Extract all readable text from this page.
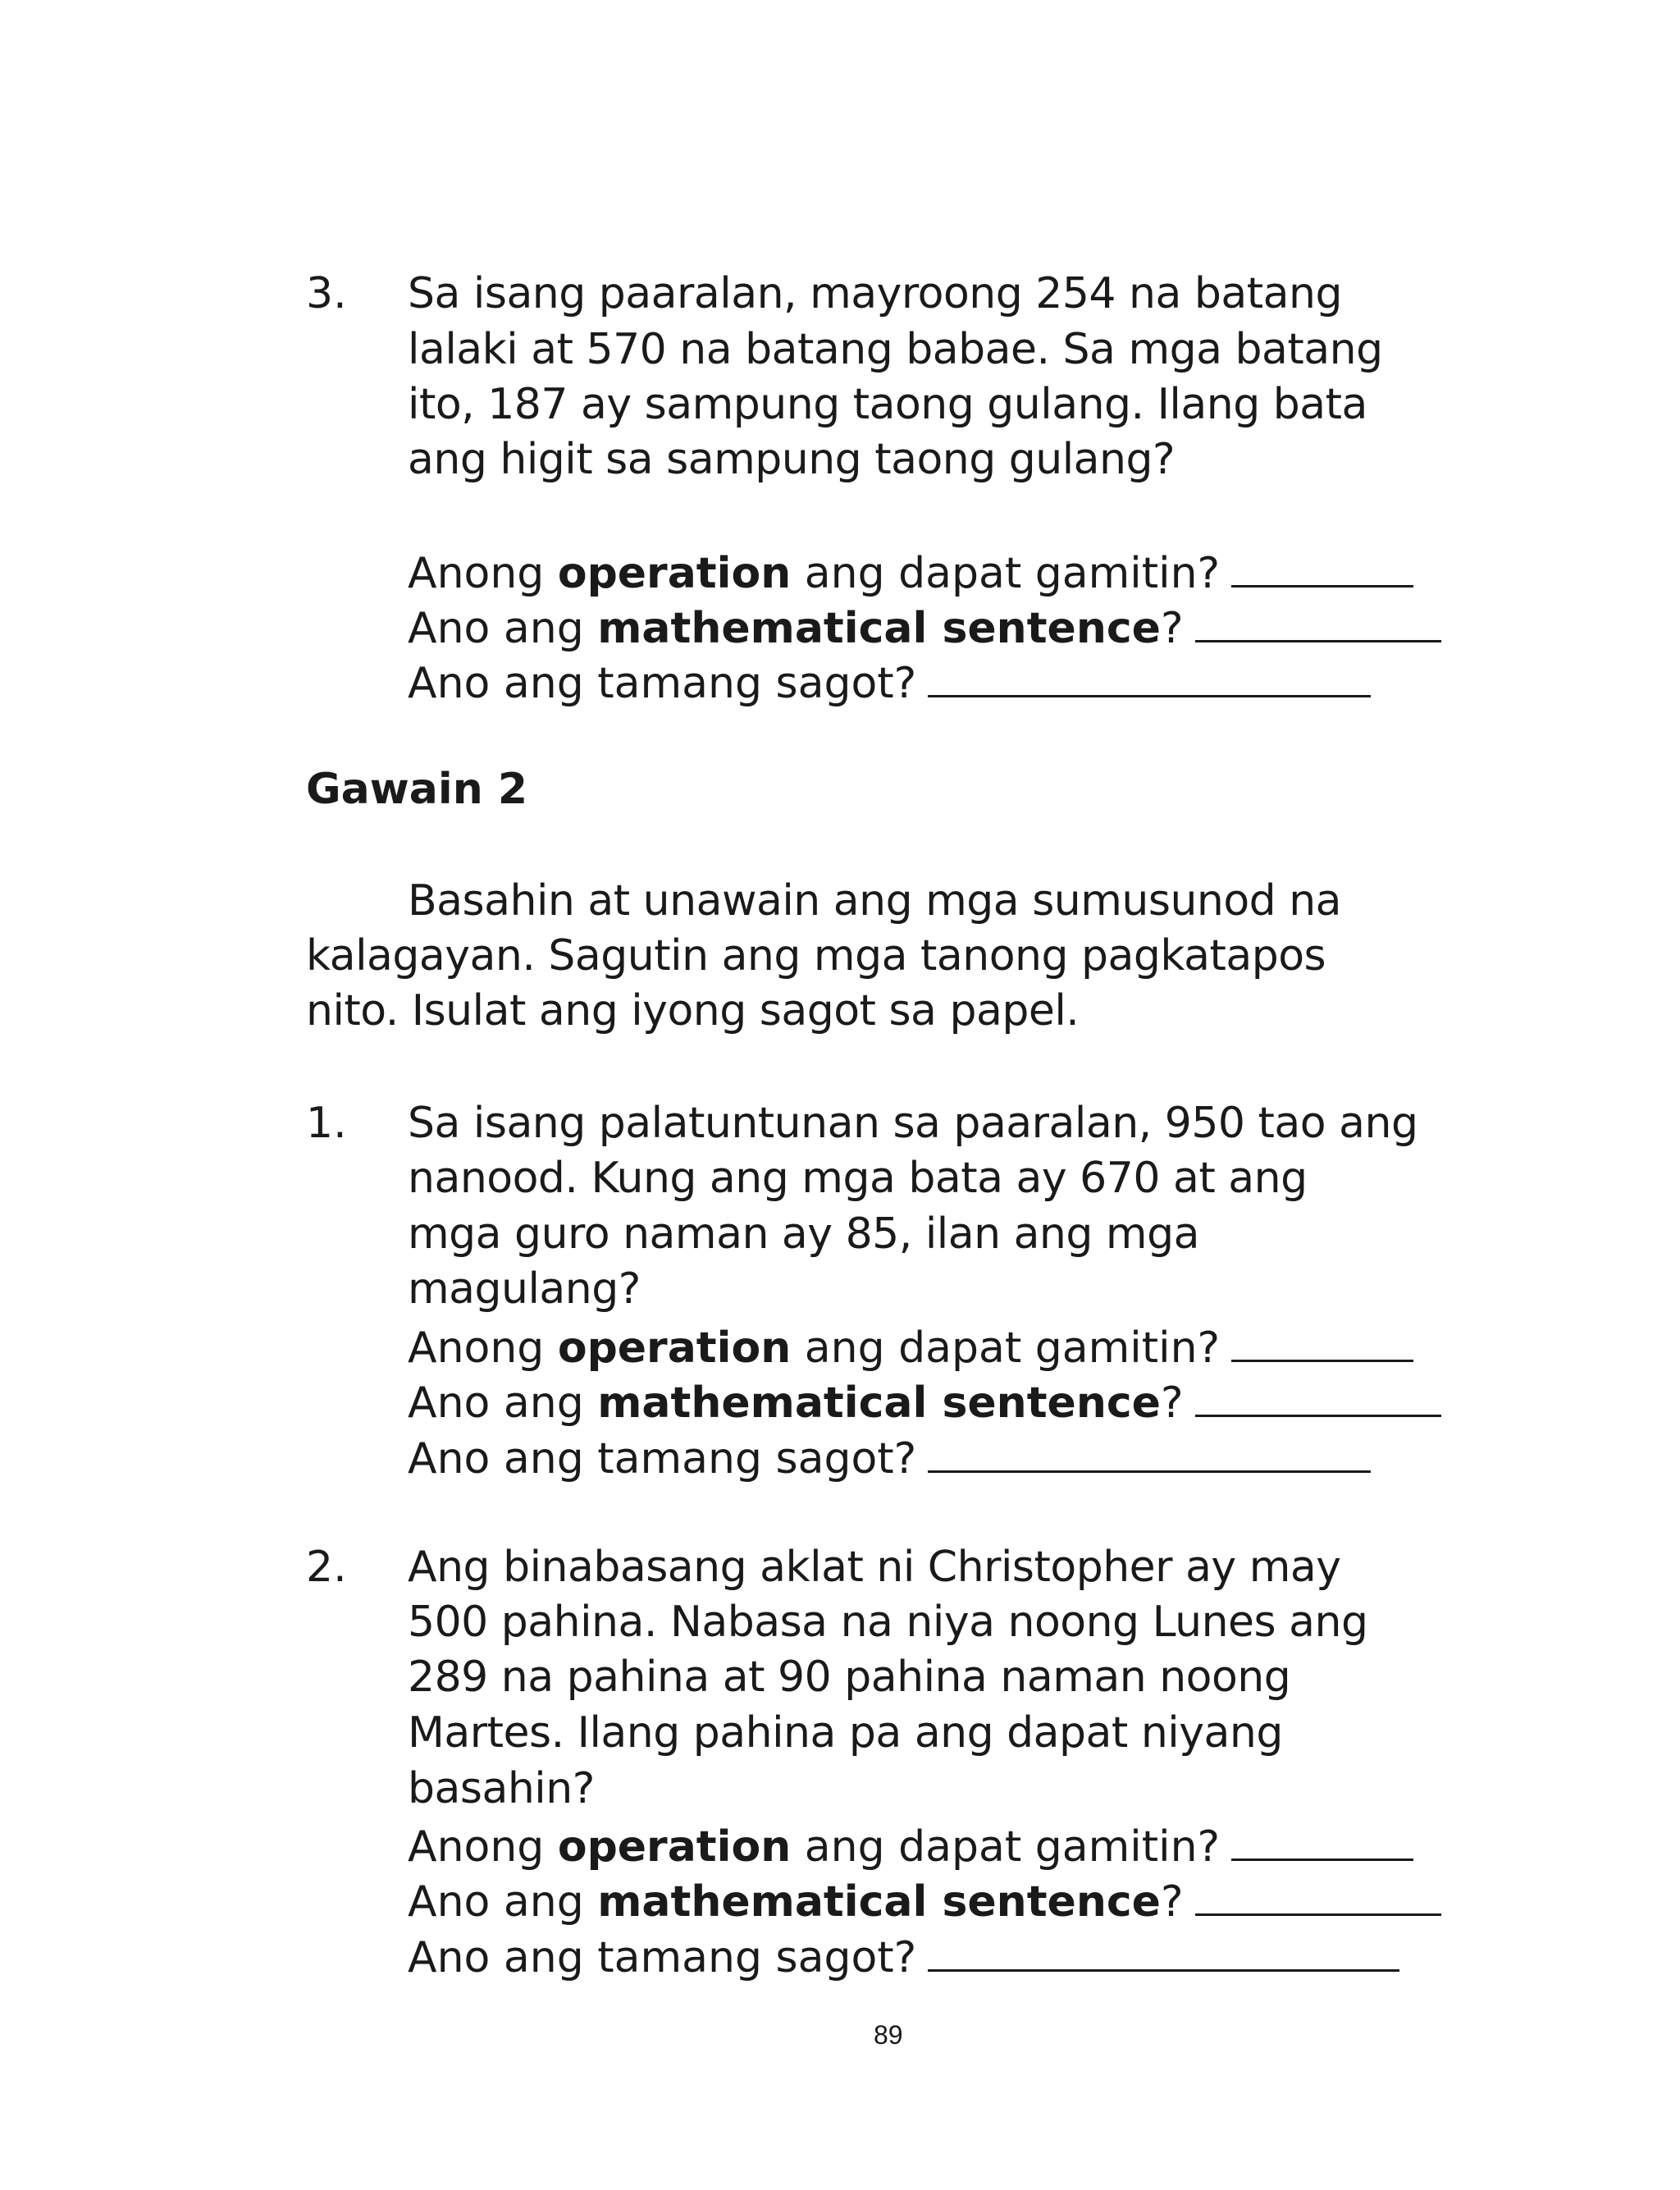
3. Sa isang paaralan, mayroong 254 na batang
lalaki at 570 na batang babae. Sa mga batang
ito, 187 ay sampung taong gulang. Ilang bata
ang higit sa sampung taong gulang?
Anong operation ang dapat gamitin?
Ano ang mathematical sentence?
Ano ang tamang sagot?
Gawain 2
Basahin at unawain ang mga sumusunod na
kalagayan. Sagutin ang mga tanong pagkatapos
nito. Isulat ang iyong sagot sa papel.
1. Sa isang palatuntunan sa paaralan, 950 tao ang
nanood. Kung ang mga bata ay 670 at ang
mga guro naman ay 85, ilan ang mga
magulang?
Anong operation ang dapat gamitin?
Ano ang mathematical sentence?
Ano ang tamang sagot?
2. Ang binabasang aklat ni Christopher ay may
500 pahina. Nabasa na niya noong Lunes ang
289 na pahina at 90 pahina naman noong
Martes. Ilang pahina pa ang dapat niyang
basahin?
Anong operation ang dapat gamitin?
Ano ang mathematical sentence?
Ano ang tamang sagot?
89
